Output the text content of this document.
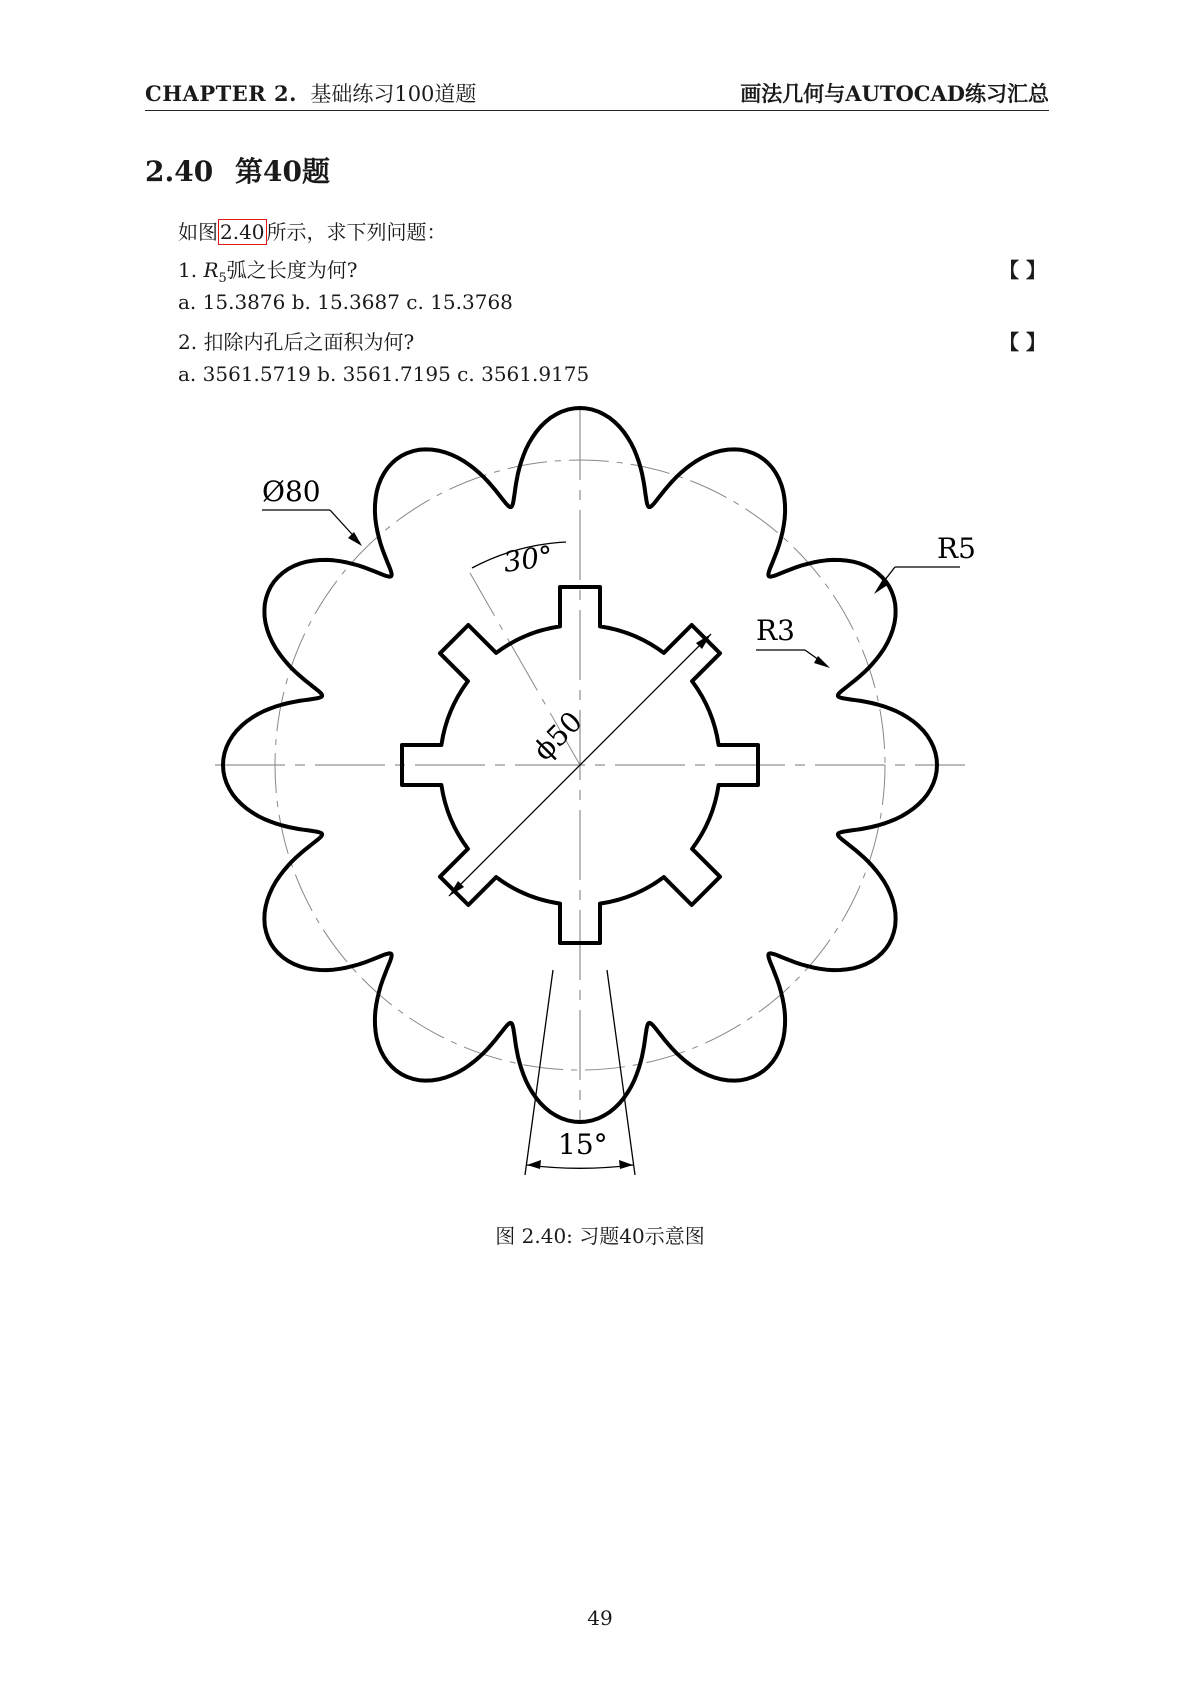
CHAPTER 2. 基础练习100道题	画法几何与AUTOCAD练习汇总
2.40 第40题
如图 2.40 所示，求下列问题：
1. $R_5$弧之长度为何?	【 】
a. 15.3876 b. 15.3687 c. 15.3768
2. 扣除内孔后之面积为何?	【 】
a. 3561.5719 b. 3561.7195 c. 3561.9175
30°
ϕ50
Ø80
R5
R3
15°
图 2.40: 习题40示意图
49
